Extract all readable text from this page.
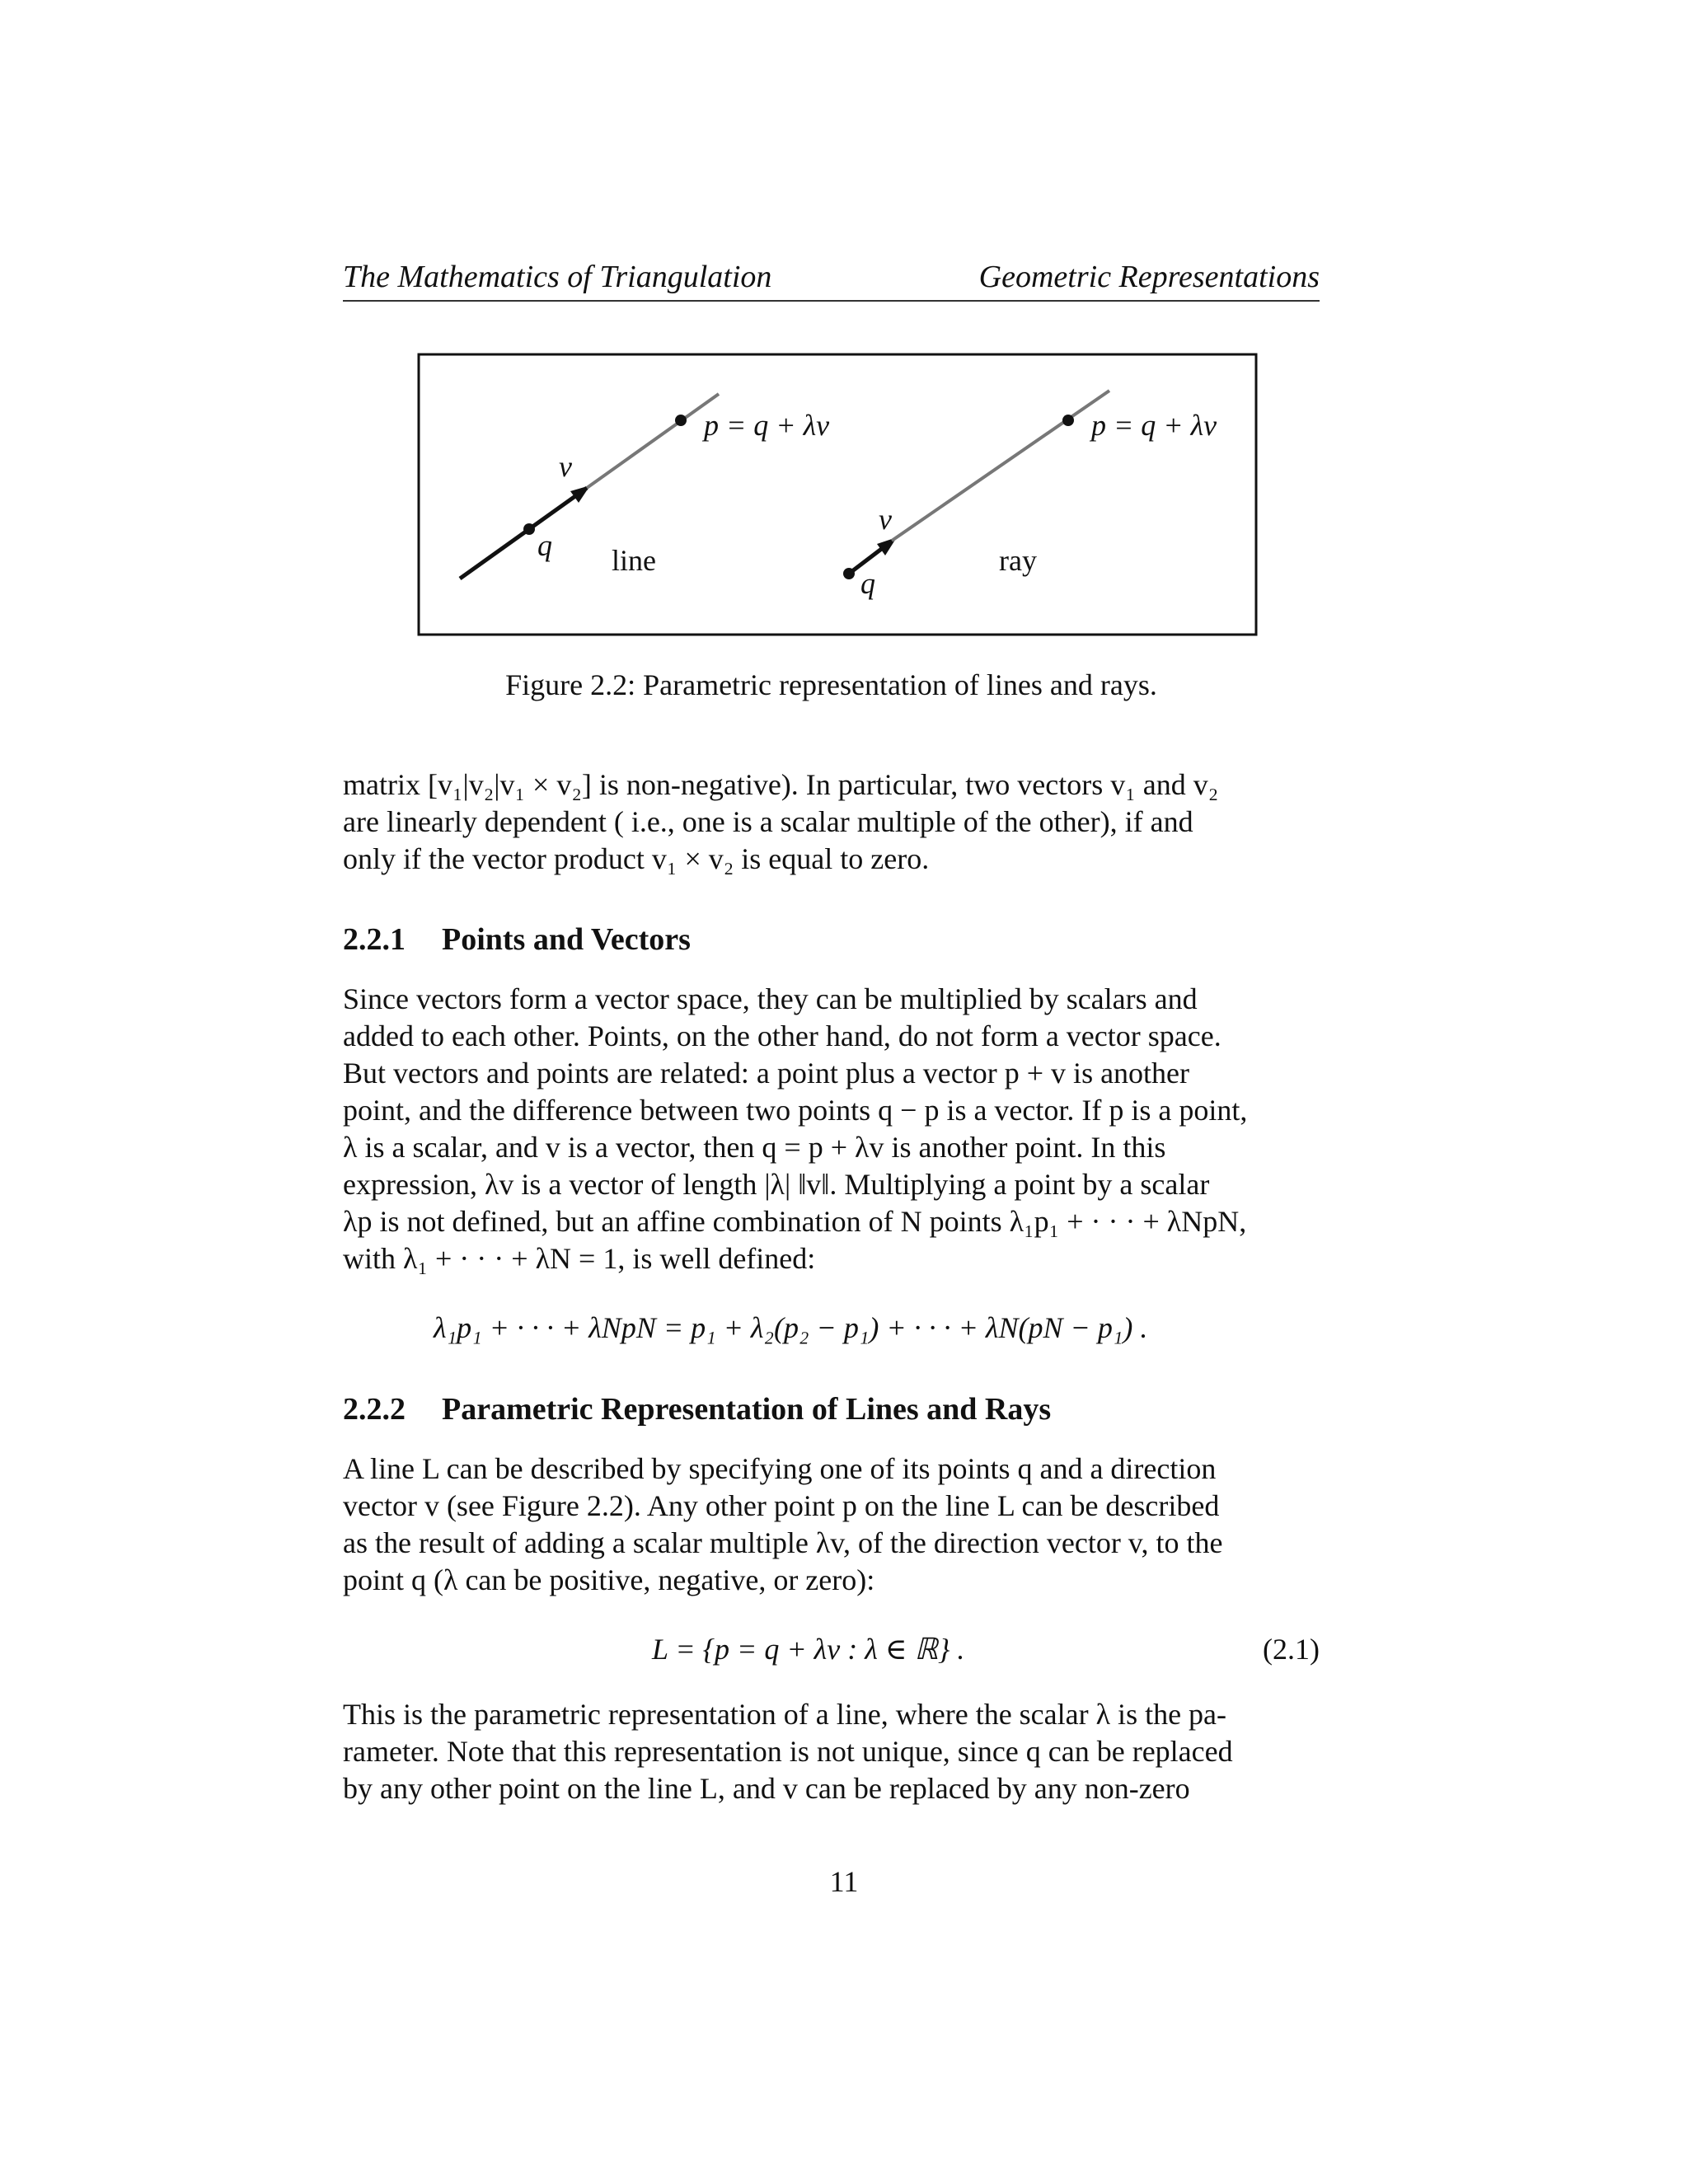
The Mathematics of Triangulation	Geometric Representations
q
v
p = q + λv
line
q
v
p = q + λv
ray
Figure 2.2: Parametric representation of lines and rays.

matrix [v₁|v₂|v₁ × v₂] is non-negative). In particular, two vectors v₁ and v₂

are linearly dependent ( i.e., one is a scalar multiple of the other), if and

only if the vector product v₁ × v₂ is equal to zero.

2.2.1 Points and Vectors

Since vectors form a vector space, they can be multiplied by scalars and

added to each other. Points, on the other hand, do not form a vector space.

But vectors and points are related: a point plus a vector p + v is another

point, and the difference between two points q − p is a vector. If p is a point,

λ is a scalar, and v is a vector, then q = p + λv is another point. In this

expression, λv is a vector of length |λ| ‖v‖. Multiplying a point by a scalar

λp is not defined, but an affine combination of N points λ₁p₁ + · · · + λNpN,

with λ₁ + · · · + λN = 1, is well defined:

λ₁p₁ + · · · + λNpN = p₁ + λ₂(p₂ − p₁) + · · · + λN(pN − p₁) .
2.2.2 Parametric Representation of Lines and Rays

A line L can be described by specifying one of its points q and a direction

vector v (see Figure 2.2). Any other point p on the line L can be described

as the result of adding a scalar multiple λv, of the direction vector v, to the

point q (λ can be positive, negative, or zero):

L = {p = q + λv : λ ∈ ℝ} .	(2.1)

This is the parametric representation of a line, where the scalar λ is the pa-

rameter. Note that this representation is not unique, since q can be replaced

by any other point on the line L, and v can be replaced by any non-zero

11
